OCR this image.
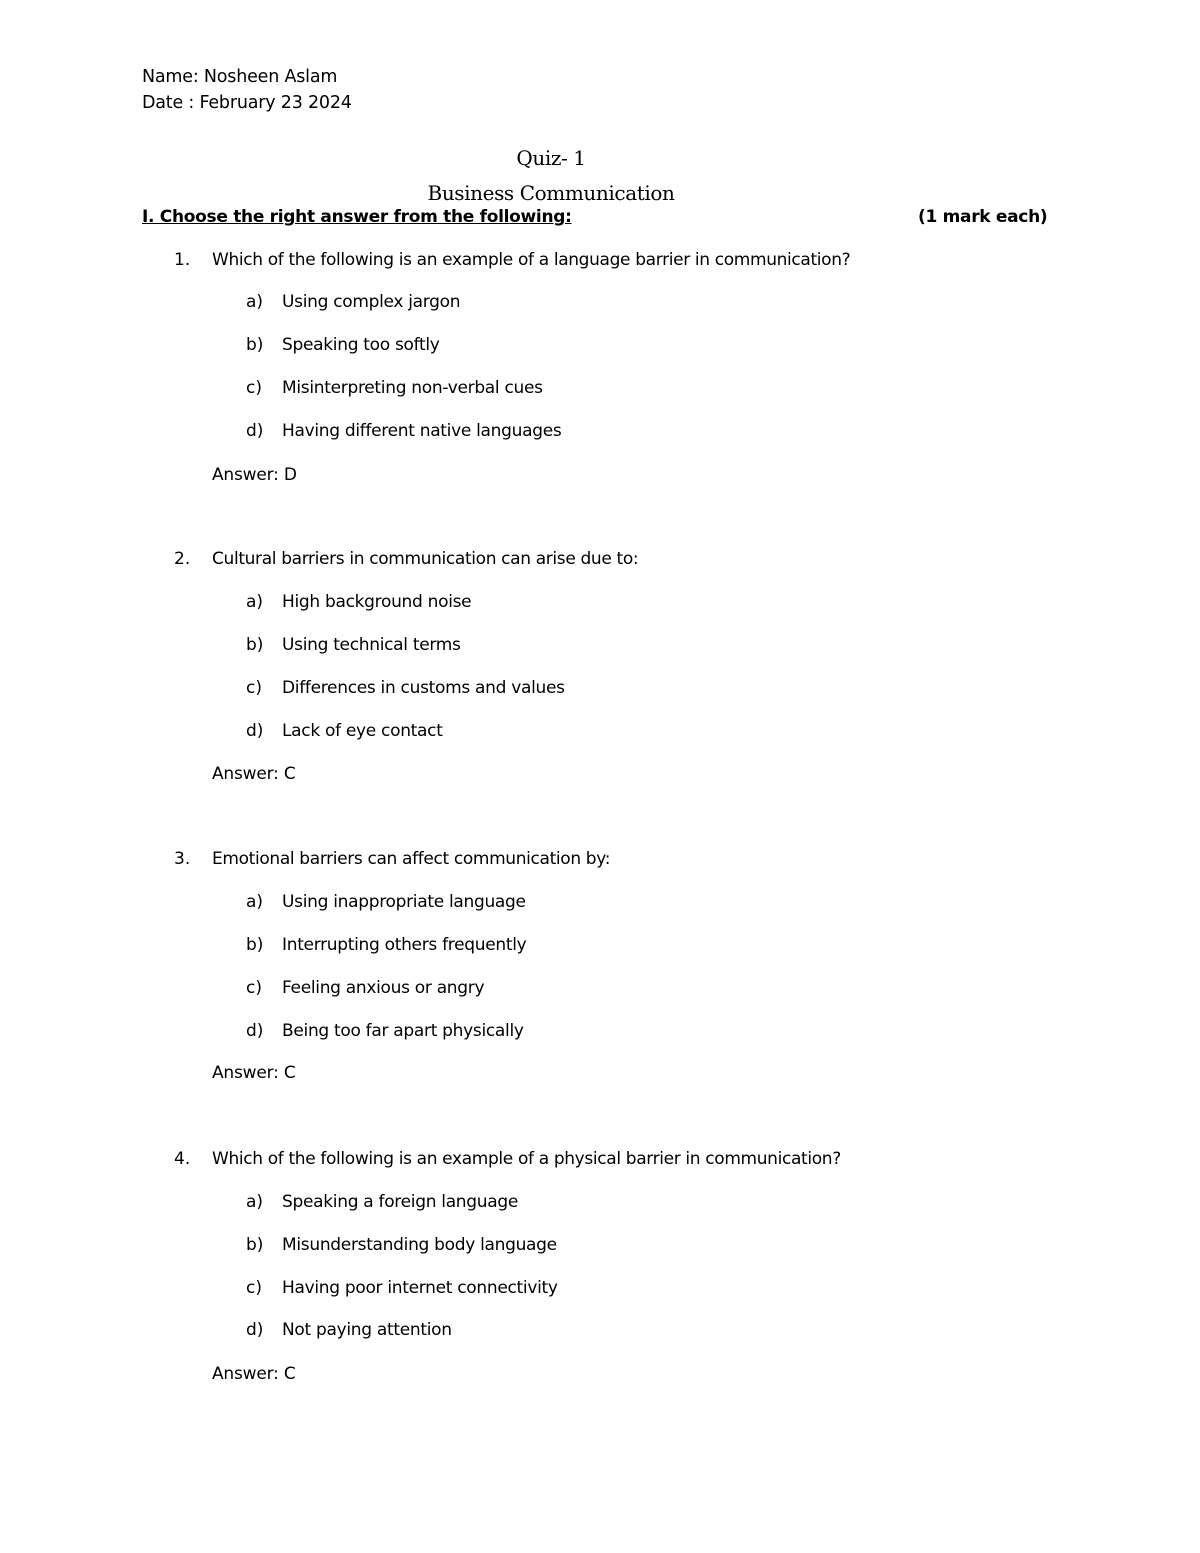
Name: Nosheen Aslam
Date : February 23 2024
Quiz- 1
Business Communication
I. Choose the right answer from the following:	(1 mark each)
1. Which of the following is an example of a language barrier in communication?
a) Using complex jargon
b) Speaking too softly
c) Misinterpreting non-verbal cues
d) Having different native languages
Answer: D
2. Cultural barriers in communication can arise due to:
a) High background noise
b) Using technical terms
c) Differences in customs and values
d) Lack of eye contact
Answer: C
3. Emotional barriers can affect communication by:
a) Using inappropriate language
b) Interrupting others frequently
c) Feeling anxious or angry
d) Being too far apart physically
Answer: C
4. Which of the following is an example of a physical barrier in communication?
a) Speaking a foreign language
b) Misunderstanding body language
c) Having poor internet connectivity
d) Not paying attention
Answer: C
